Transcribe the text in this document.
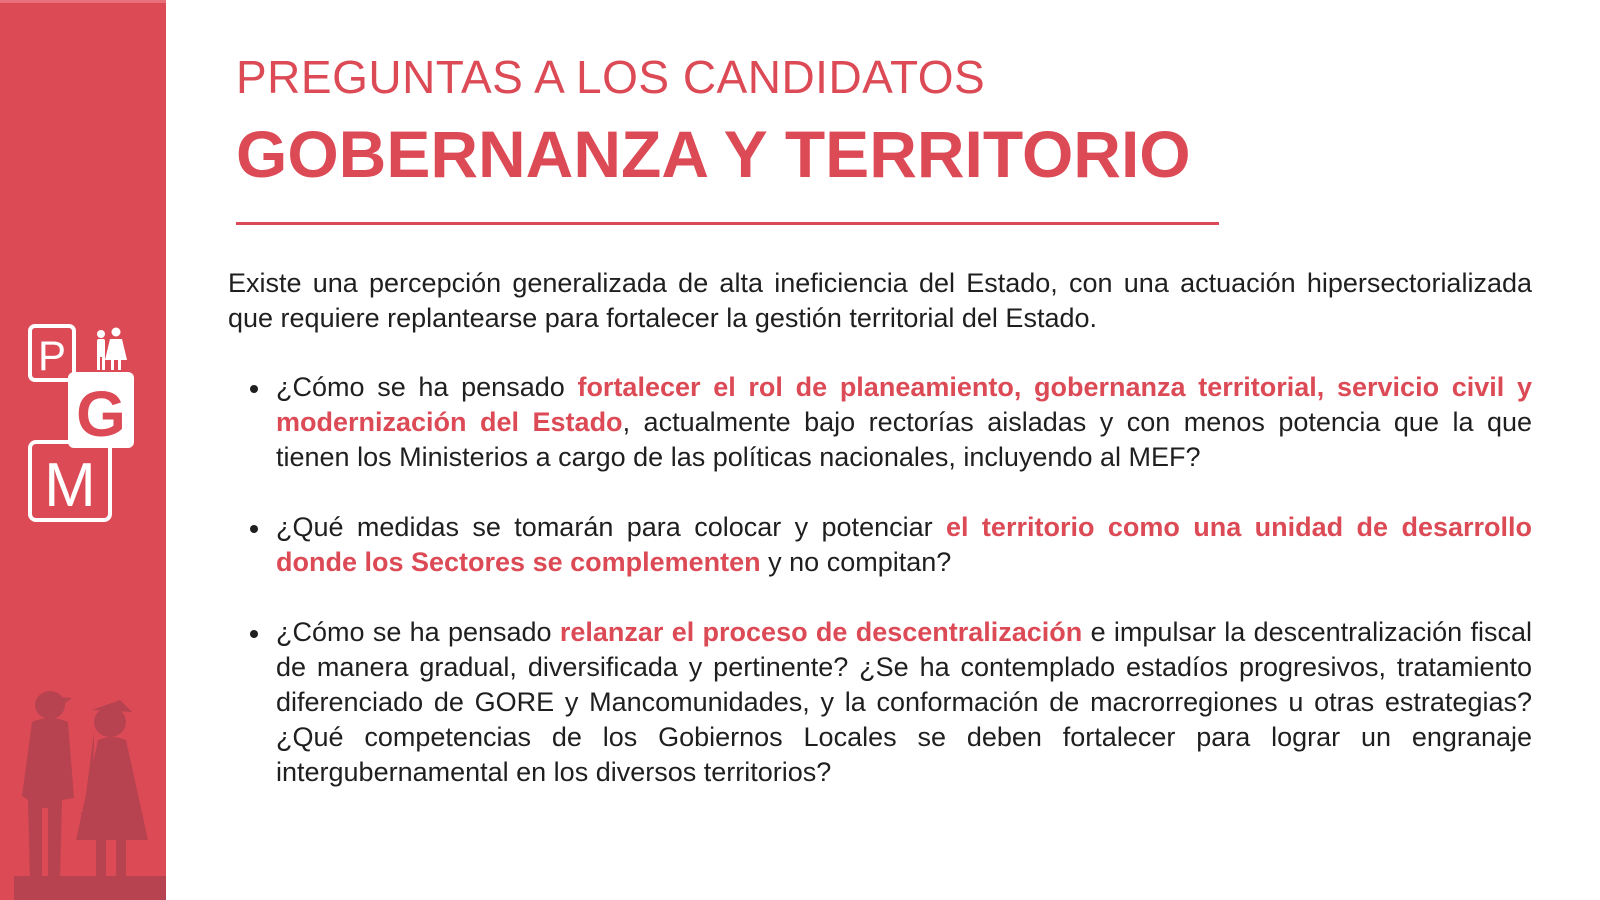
P
G
M
PREGUNTAS A LOS CANDIDATOS
GOBERNANZA Y TERRITORIO

Existe una percepción generalizada de alta ineficiencia del Estado, con una actuación hipersectorializada que requiere replantearse para fortalecer la gestión territorial del Estado.

¿Cómo se ha pensado fortalecer el rol de planeamiento, gobernanza territorial, servicio civil y modernización del Estado, actualmente bajo rectorías aisladas y con menos potencia que la que tienen los Ministerios a cargo de las políticas nacionales, incluyendo al MEF?
¿Qué medidas se tomarán para colocar y potenciar el territorio como una unidad de desarrollo donde los Sectores se complementen y no compitan?
¿Cómo se ha pensado relanzar el proceso de descentralización e impulsar la descentralización fiscal de manera gradual, diversificada y pertinente? ¿Se ha contemplado estadíos progresivos, tratamiento diferenciado de GORE y Mancomunidades, y la conformación de macrorregiones u otras estrategias? ¿Qué competencias de los Gobiernos Locales se deben fortalecer para lograr un engranaje intergubernamental en los diversos territorios?
